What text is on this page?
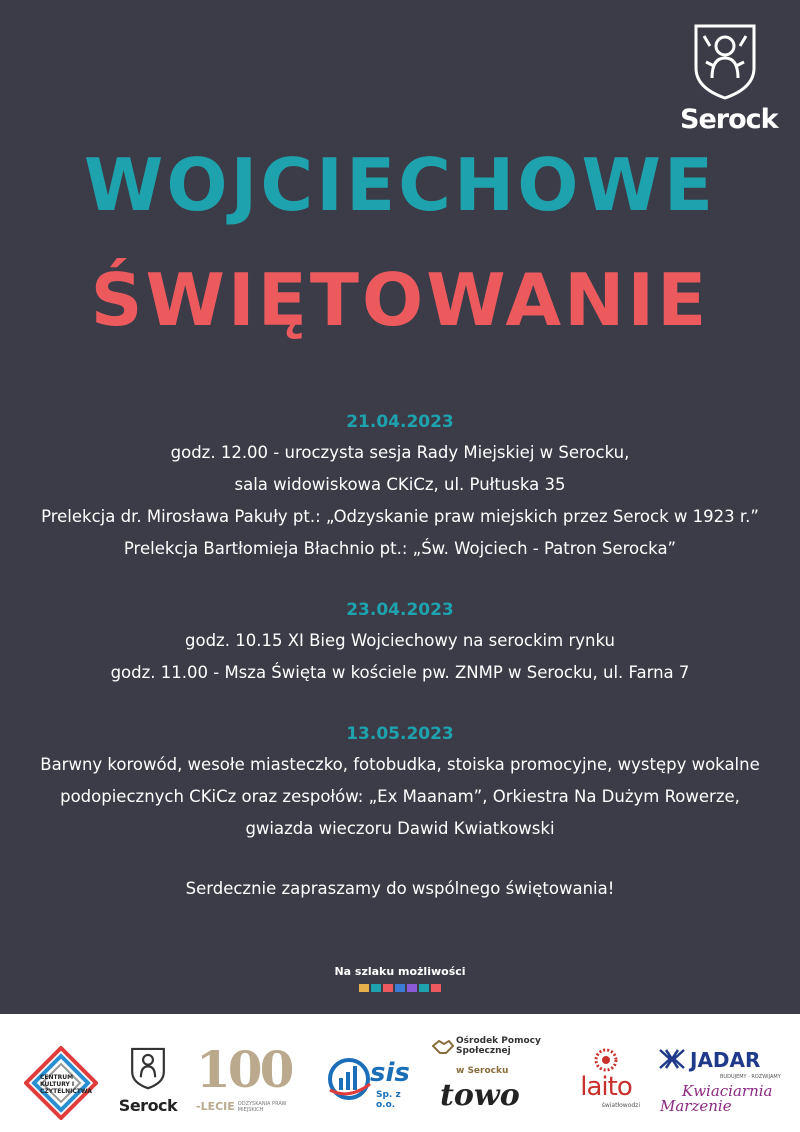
Serock
WOJCIECHOWE
ŚWIĘTOWANIE
21.04.2023
godz. 12.00 - uroczysta sesja Rady Miejskiej w Serocku,
sala widowiskowa CKiCz, ul. Pułtuska 35
Prelekcja dr. Mirosława Pakuły pt.: „Odzyskanie praw miejskich przez Serock w 1923 r.”
Prelekcja Bartłomieja Błachnio pt.: „Św. Wojciech - Patron Serocka”
23.04.2023
godz. 10.15 XI Bieg Wojciechowy na serockim rynku
godz. 11.00 - Msza Święta w kościele pw. ZNMP w Serocku, ul. Farna 7
13.05.2023
Barwny korowód, wesołe miasteczko, fotobudka, stoiska promocyjne, występy wokalne
podopiecznych CKiCz oraz zespołów: „Ex Maanam”, Orkiestra Na Dużym Rowerze,
gwiazda wieczoru Dawid Kwiatkowski
Serdecznie zapraszamy do wspólnego świętowania!
Na szlaku możliwości
CENTRUM KULTURY I CZYTELNICTWA
Serock
100
-LECIE ODZYSKANIA PRAW MIEJSKICH
sis
Sp. z o.o.
Ośrodek Pomocy Społecznej
w Serocku
towo	laito
światłowodzi
JADAR
BUDUJEMY · ROZWIJAMY
Kwiaciarnia
Marzenie
